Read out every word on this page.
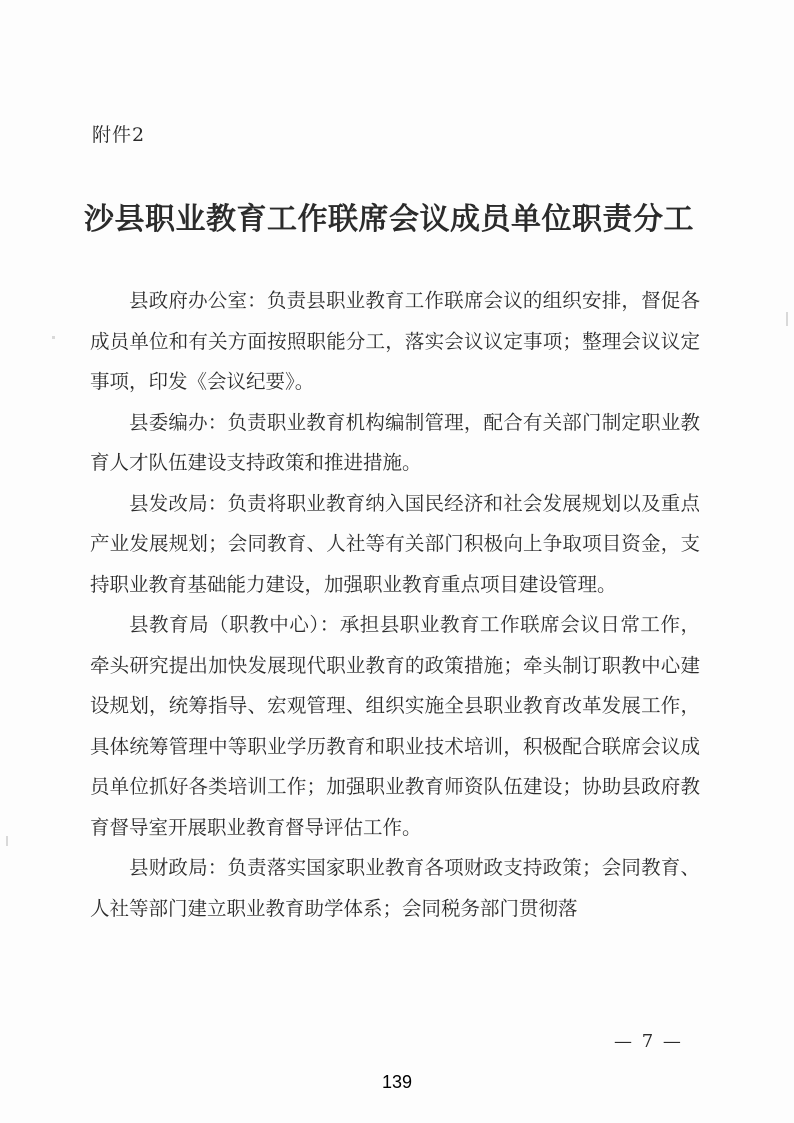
附件2
沙县职业教育工作联席会议成员单位职责分工

县政府办公室：负责县职业教育工作联席会议的组织安排，督促各成员单位和有关方面按照职能分工，落实会议议定事项；整理会议议定事项，印发《会议纪要》。

县委编办：负责职业教育机构编制管理，配合有关部门制定职业教育人才队伍建设支持政策和推进措施。

县发改局：负责将职业教育纳入国民经济和社会发展规划以及重点产业发展规划；会同教育、人社等有关部门积极向上争取项目资金，支持职业教育基础能力建设，加强职业教育重点项目建设管理。

县教育局（职教中心）：承担县职业教育工作联席会议日常工作，牵头研究提出加快发展现代职业教育的政策措施；牵头制订职教中心建设规划，统筹指导、宏观管理、组织实施全县职业教育改革发展工作，具体统筹管理中等职业学历教育和职业技术培训，积极配合联席会议成员单位抓好各类培训工作；加强职业教育师资队伍建设；协助县政府教育督导室开展职业教育督导评估工作。

县财政局：负责落实国家职业教育各项财政支持政策；会同教育、人社等部门建立职业教育助学体系；会同税务部门贯彻落

— 7 —
139
